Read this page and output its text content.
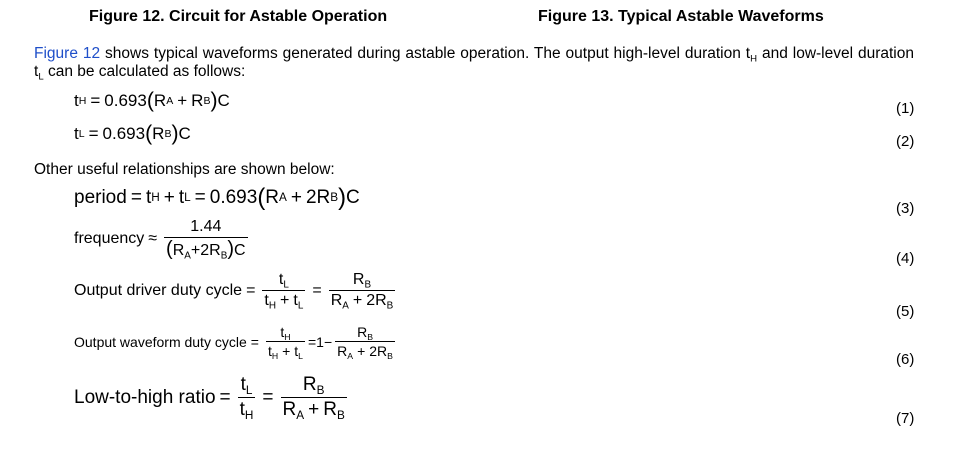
Figure 12. Circuit for Astable Operation	Figure 13. Typical Astable Waveforms
Figure 12 shows typical waveforms generated during astable operation. The output high-level duration $t_H$ and low-level duration $t_L$ can be calculated as follows:
t H = 0.693 ( R A + R B ) C	(1)
t L = 0.693 ( R B ) C	(2)
Other useful relationships are shown below:
period = t H + t L = 0.693 ( R A + 2 R B ) C
(3)
frequency ≈ $\frac{1.44}{(R_A+2R_B)C}$	(4)
Output driver duty cycle = $\frac{t_L}{t_H + t_L} = \frac{R_B}{R_A + 2R_B}$
(5)
Output waveform duty cycle = $\frac{t_H}{t_H + t_L} =1- \frac{R_B}{R_A + 2R_B}$
(6)
Low-to-high ratio = $\frac{t_L}{t_H} = \frac{R_B}{R_A + R_B}$	(7)
